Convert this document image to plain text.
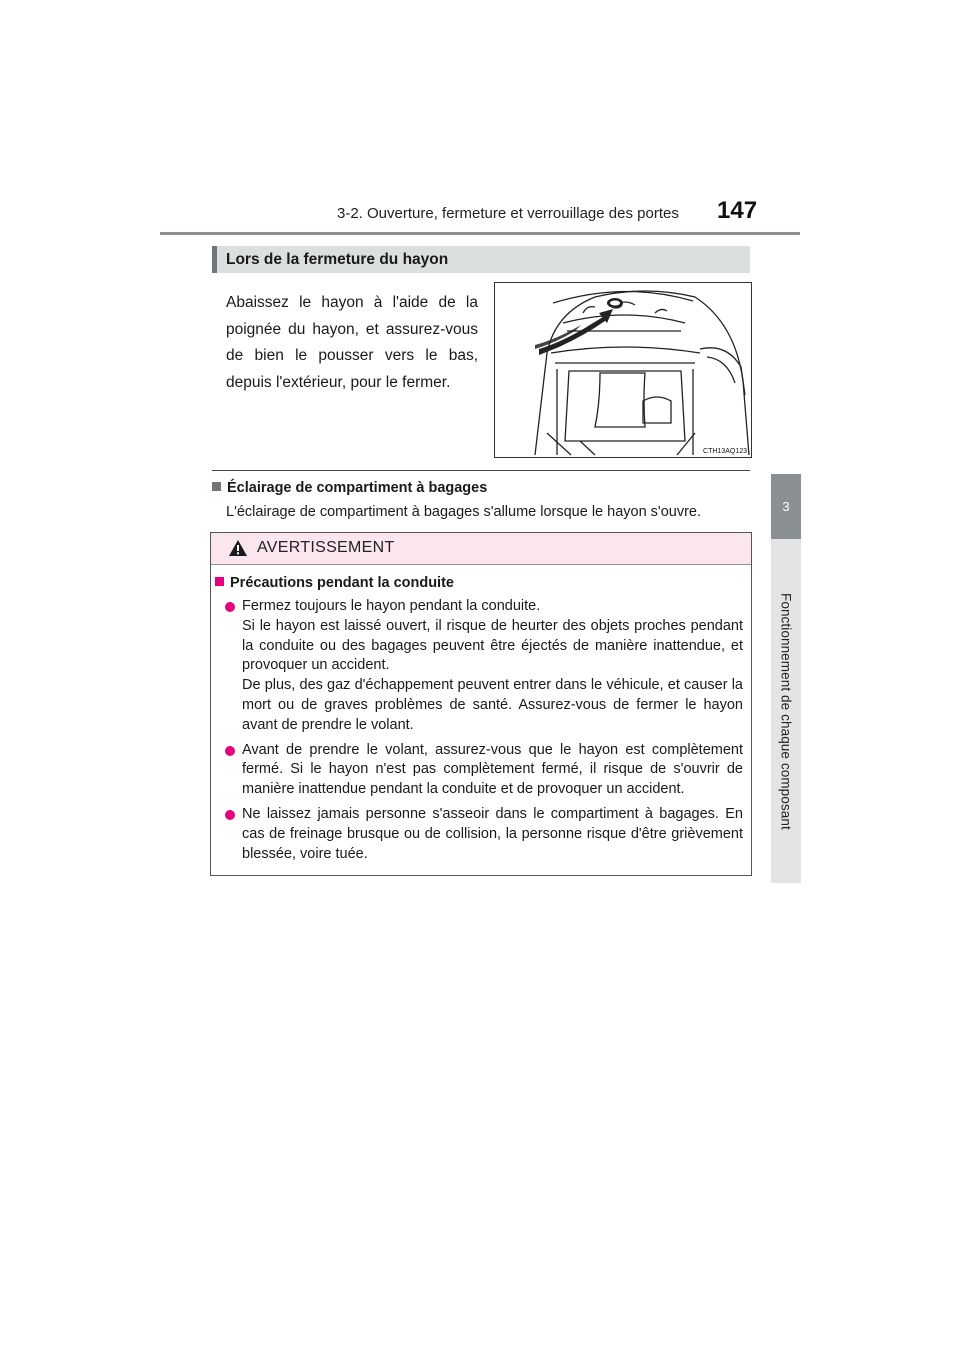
3-2. Ouverture, fermeture et verrouillage des portes 147
3
Fonctionnement de chaque composant
Lors de la fermeture du hayon
Abaissez le hayon à l'aide de la poignée du hayon, et assurez-vous de bien le pousser vers le bas, depuis l'extérieur, pour le fermer.
CTH13AQ123
Éclairage de compartiment à bagages
L'éclairage de compartiment à bagages s'allume lorsque le hayon s'ouvre.
AVERTISSEMENT
Précautions pendant la conduite

Fermez toujours le hayon pendant la conduite.

Si le hayon est laissé ouvert, il risque de heurter des objets proches pendant la conduite ou des bagages peuvent être éjectés de manière inattendue, et provoquer un accident.

De plus, des gaz d'échappement peuvent entrer dans le véhicule, et causer la mort ou de graves problèmes de santé. Assurez-vous de fermer le hayon avant de prendre le volant.

Avant de prendre le volant, assurez-vous que le hayon est complètement fermé. Si le hayon n'est pas complètement fermé, il risque de s'ouvrir de manière inattendue pendant la conduite et de provoquer un accident.

Ne laissez jamais personne s'asseoir dans le compartiment à bagages. En cas de freinage brusque ou de collision, la personne risque d'être grièvement blessée, voire tuée.
